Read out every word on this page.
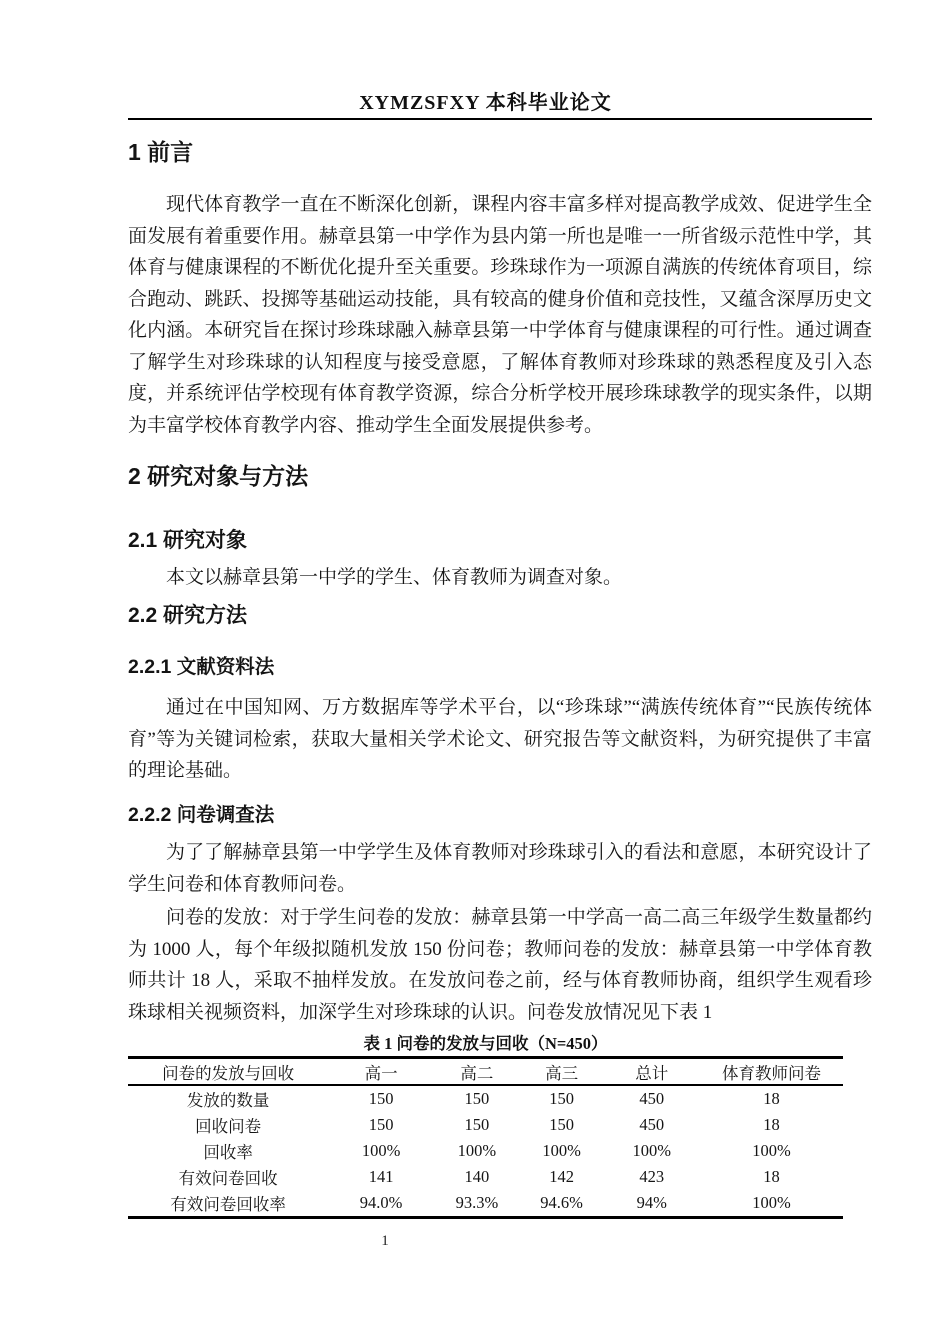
XYMZSFXY 本科毕业论文
1 前言

现代体育教学一直在不断深化创新，课程内容丰富多样对提高教学成效、促进学生全面发展有着重要作用。赫章县第一中学作为县内第一所也是唯一一所省级示范性中学，其体育与健康课程的不断优化提升至关重要。珍珠球作为一项源自满族的传统体育项目，综合跑动、跳跃、投掷等基础运动技能，具有较高的健身价值和竞技性，又蕴含深厚历史文化内涵。本研究旨在探讨珍珠球融入赫章县第一中学体育与健康课程的可行性。通过调查了解学生对珍珠球的认知程度与接受意愿，了解体育教师对珍珠球的熟悉程度及引入态度，并系统评估学校现有体育教学资源，综合分析学校开展珍珠球教学的现实条件，以期为丰富学校体育教学内容、推动学生全面发展提供参考。

2 研究对象与方法
2.1 研究对象

本文以赫章县第一中学的学生、体育教师为调查对象。

2.2 研究方法
2.2.1 文献资料法

通过在中国知网、万方数据库等学术平台，以“珍珠球”“满族传统体育”“民族传统体育”等为关键词检索，获取大量相关学术论文、研究报告等文献资料，为研究提供了丰富的理论基础。

2.2.2 问卷调查法

为了了解赫章县第一中学学生及体育教师对珍珠球引入的看法和意愿，本研究设计了学生问卷和体育教师问卷。

问卷的发放：对于学生问卷的发放：赫章县第一中学高一高二高三年级学生数量都约为 1000 人，每个年级拟随机发放 150 份问卷；教师问卷的发放：赫章县第一中学体育教师共计 18 人，采取不抽样发放。在发放问卷之前，经与体育教师协商，组织学生观看珍珠球相关视频资料，加深学生对珍珠球的认识。问卷发放情况见下表 1

表 1 问卷的发放与回收（N=450）
问卷的发放与回收	高一	高二	高三	总计	体育教师问卷
发放的数量	150	150	150	450	18
回收问卷	150	150	150	450	18
回收率	100%	100%	100%	100%	100%
有效问卷回收	141	140	142	423	18
有效问卷回收率	94.0%	93.3%	94.6%	94%	100%
1
